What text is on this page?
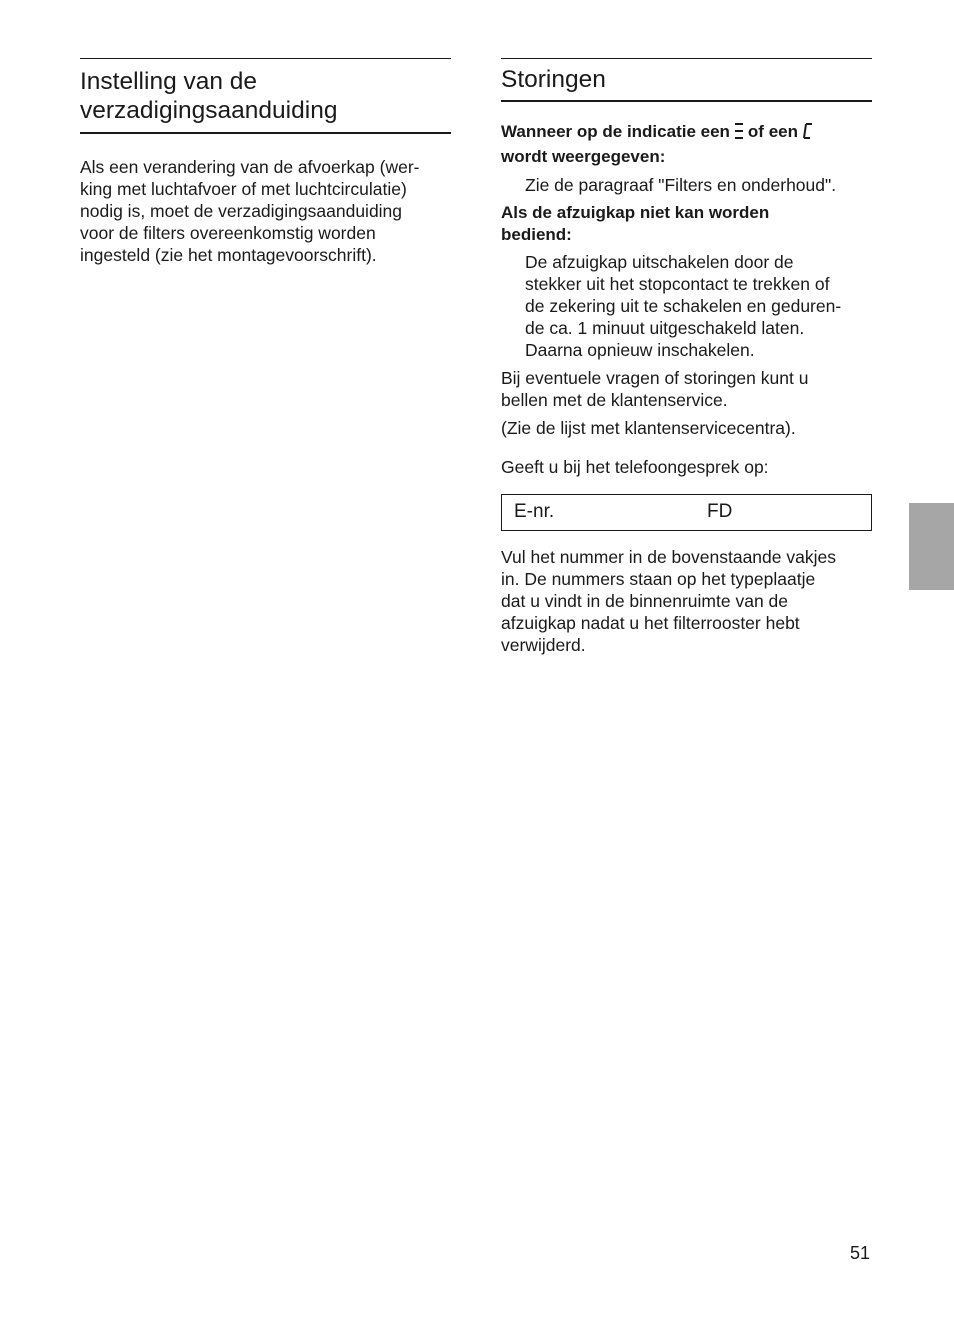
Instelling van de
verzadigingsaanduiding

Als een verandering van de afvoerkap (wer-
king met luchtafvoer of met luchtcirculatie)
nodig is, moet de verzadigingsaanduiding
voor de filters overeenkomstig worden
ingesteld (zie het montagevoorschrift).

Storingen

Wanneer op de indicatie een of een
wordt weergegeven:

Zie de paragraaf "Filters en onderhoud".

Als de afzuigkap niet kan worden
bediend:

De afzuigkap uitschakelen door de
stekker uit het stopcontact te trekken of
de zekering uit te schakelen en geduren-
de ca. 1 minuut uitgeschakeld laten.
Daarna opnieuw inschakelen.

Bij eventuele vragen of storingen kunt u
bellen met de klantenservice.

(Zie de lijst met klantenservicecentra).

Geeft u bij het telefoongesprek op:

E-nr.	FD

Vul het nummer in de bovenstaande vakjes
in. De nummers staan op het typeplaatje
dat u vindt in de binnenruimte van de
afzuigkap nadat u het filterrooster hebt
verwijderd.

51
